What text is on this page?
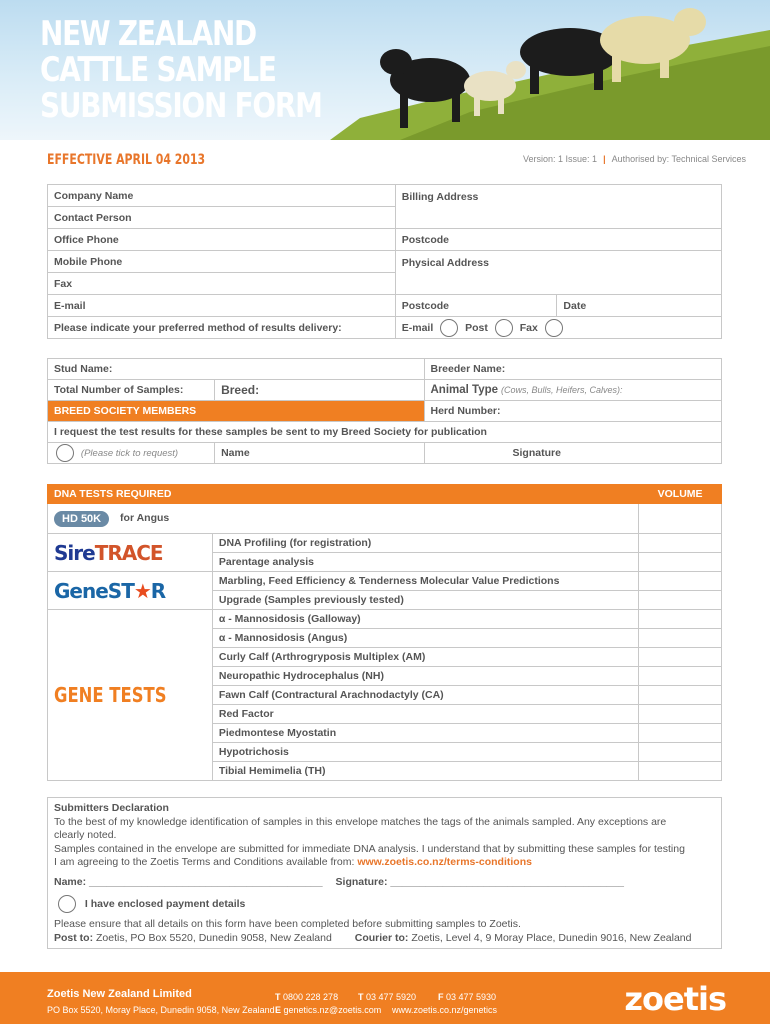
NEW ZEALAND
CATTLE SAMPLE
SUBMISSION FORM
EFFECTIVE APRIL 04 2013	Version: 1 Issue: 1 | Authorised by: Technical Services
Company Name	Billing Address	
Contact Person		
Office Phone	Postcode	
Mobile Phone	Physical Address	
Fax		
E-mail	Postcode	Date
Please indicate your preferred method of results delivery:	E-mail Post Fax	
Stud Name:		Breeder Name:
Total Number of Samples:	Breed:	Animal Type (Cows, Bulls, Heifers, Calves):
BREED SOCIETY MEMBERS		Herd Number:
I request the test results for these samples be sent to my Breed Society for publication		
(Please tick to request)	Name	Signature
DNA TESTS REQUIRED		VOLUME
HD 50K for Angus		
SireTRACE	DNA Profiling (for registration)	
	Parentage analysis	
GeneST★R	Marbling, Feed Efficiency & Tenderness Molecular Value Predictions	
	Upgrade (Samples previously tested)	
GENE TESTS	α - Mannosidosis (Galloway)	
	α - Mannosidosis (Angus)	
	Curly Calf (Arthrogryposis Multiplex (AM)	
	Neuropathic Hydrocephalus (NH)	
	Fawn Calf (Contractural Arachnodactyly (CA)	
	Red Factor	
	Piedmontese Myostatin	
	Hypotrichosis	
	Tibial Hemimelia (TH)	
Submitters Declaration
To the best of my knowledge identification of samples in this envelope matches the tags of the animals sampled. Any exceptions are
clearly noted.
Samples contained in the envelope are submitted for immediate DNA analysis. I understand that by submitting these samples for testing
I am agreeing to the Zoetis Terms and Conditions available from: www.zoetis.co.nz/terms-conditions
Name: ________________________________________ Signature: ________________________________________
I have enclosed payment details
Please ensure that all details on this form have been completed before submitting samples to Zoetis.
Post to: Zoetis, PO Box 5520, Dunedin 9058, New Zealand Courier to: Zoetis, Level 4, 9 Moray Place, Dunedin 9016, New Zealand
Zoetis New Zealand Limited
PO Box 5520, Moray Place, Dunedin 9058, New Zealand
T 0800 228 278 T 03 477 5920 F 03 477 5930
E genetics.nz@zoetis.com www.zoetis.co.nz/genetics	zoetis
